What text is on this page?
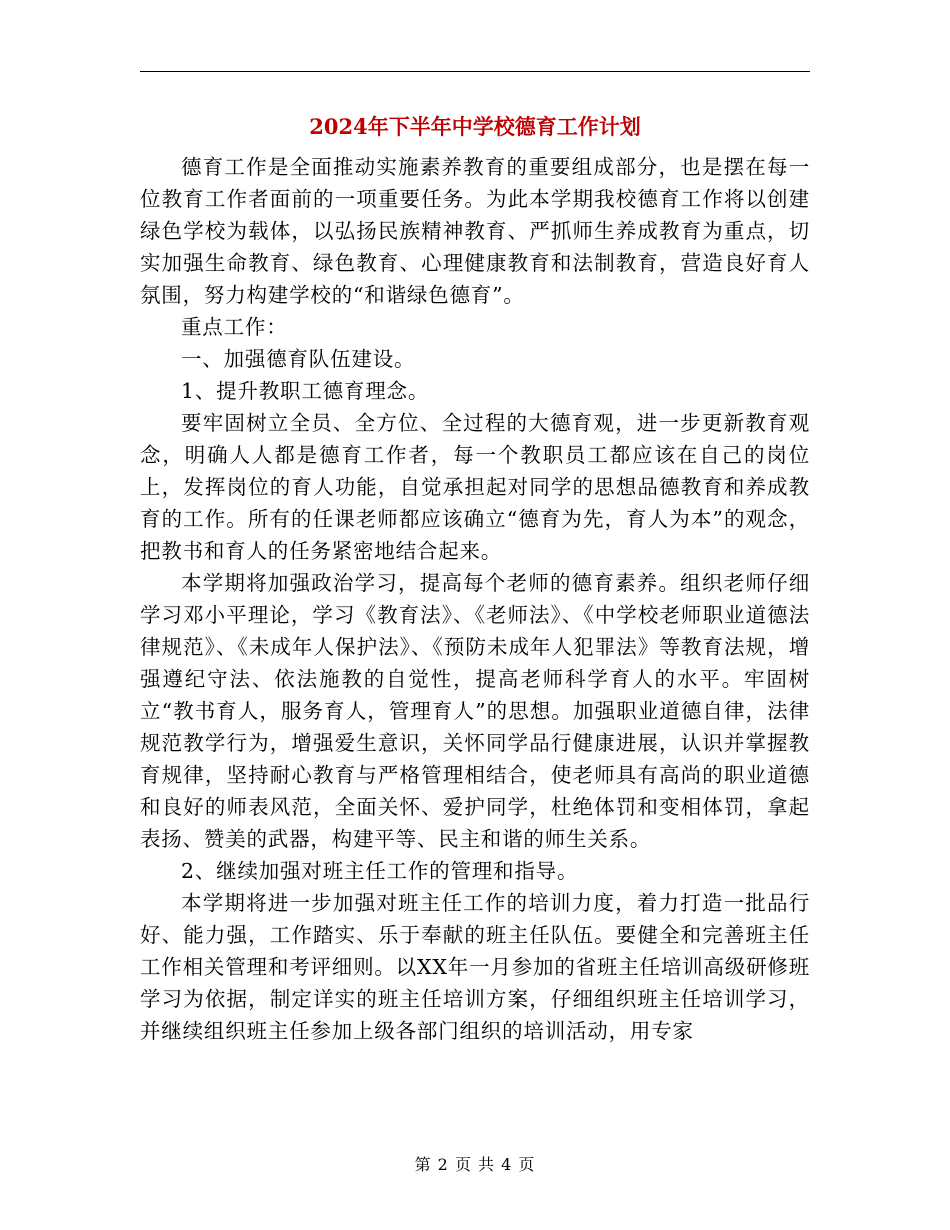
2024年下半年中学校德育工作计划

德育工作是全面推动实施素养教育的重要组成部分，也是摆在每一位教育工作者面前的一项重要任务。为此本学期我校德育工作将以创建绿色学校为载体，以弘扬民族精神教育、严抓师生养成教育为重点，切实加强生命教育、绿色教育、心理健康教育和法制教育，营造良好育人氛围，努力构建学校的“和谐绿色德育”。

重点工作：

一、加强德育队伍建设。

1、提升教职工德育理念。

要牢固树立全员、全方位、全过程的大德育观，进一步更新教育观念，明确人人都是德育工作者，每一个教职员工都应该在自己的岗位上，发挥岗位的育人功能，自觉承担起对同学的思想品德教育和养成教育的工作。所有的任课老师都应该确立“德育为先，育人为本”的观念，把教书和育人的任务紧密地结合起来。

本学期将加强政治学习，提高每个老师的德育素养。组织老师仔细学习邓小平理论，学习《教育法》、《老师法》、《中学校老师职业道德法律规范》、《未成年人保护法》、《预防未成年人犯罪法》等教育法规，增强遵纪守法、依法施教的自觉性，提高老师科学育人的水平。牢固树立“教书育人，服务育人，管理育人”的思想。加强职业道德自律，法律规范教学行为，增强爱生意识，关怀同学品行健康进展，认识并掌握教育规律，坚持耐心教育与严格管理相结合，使老师具有高尚的职业道德和良好的师表风范，全面关怀、爱护同学，杜绝体罚和变相体罚，拿起表扬、赞美的武器，构建平等、民主和谐的师生关系。

2、继续加强对班主任工作的管理和指导。

本学期将进一步加强对班主任工作的培训力度，着力打造一批品行好、能力强，工作踏实、乐于奉献的班主任队伍。要健全和完善班主任工作相关管理和考评细则。以XX年一月参加的省班主任培训高级研修班学习为依据，制定详实的班主任培训方案，仔细组织班主任培训学习，并继续组织班主任参加上级各部门组织的培训活动，用专家

第 2 页 共 4 页
